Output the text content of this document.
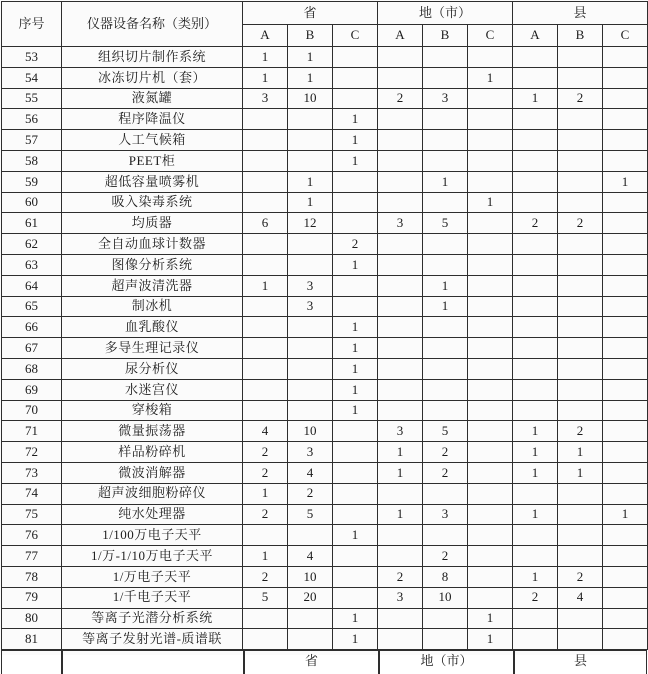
序号	仪器设备名称（类别）	省			地（市）			县		
		A	B	C	A	B	C	A	B	C
53	组织切片制作系统	1	1							
54	冰冻切片机（套）	1	1				1			
55	液氮罐	3	10		2	3		1	2	
56	程序降温仪			1						
57	人工气候箱			1						
58	PEET柜			1						
59	超低容量喷雾机		1			1				1
60	吸入染毒系统		1				1			
61	均质器	6	12		3	5		2	2	
62	全自动血球计数器			2						
63	图像分析系统			1						
64	超声波清洗器	1	3			1				
65	制冰机		3			1				
66	血乳酸仪			1						
67	多导生理记录仪			1						
68	尿分析仪			1						
69	水迷宫仪			1						
70	穿梭箱			1						
71	微量振荡器	4	10		3	5		1	2	
72	样品粉碎机	2	3		1	2		1	1	
73	微波消解器	2	4		1	2		1	1	
74	超声波细胞粉碎仪	1	2							
75	纯水处理器	2	5		1	3		1		1
76	1/100万电子天平			1						
77	1/万-1/10万电子天平	1	4			2				
78	1/万电子天平	2	10		2	8		1	2	
79	1/千电子天平	5	20		3	10		2	4	
80	等离子光潜分析系统			1			1			
81	等离子发射光谱-质谱联			1			1			
省	地（市）	县
